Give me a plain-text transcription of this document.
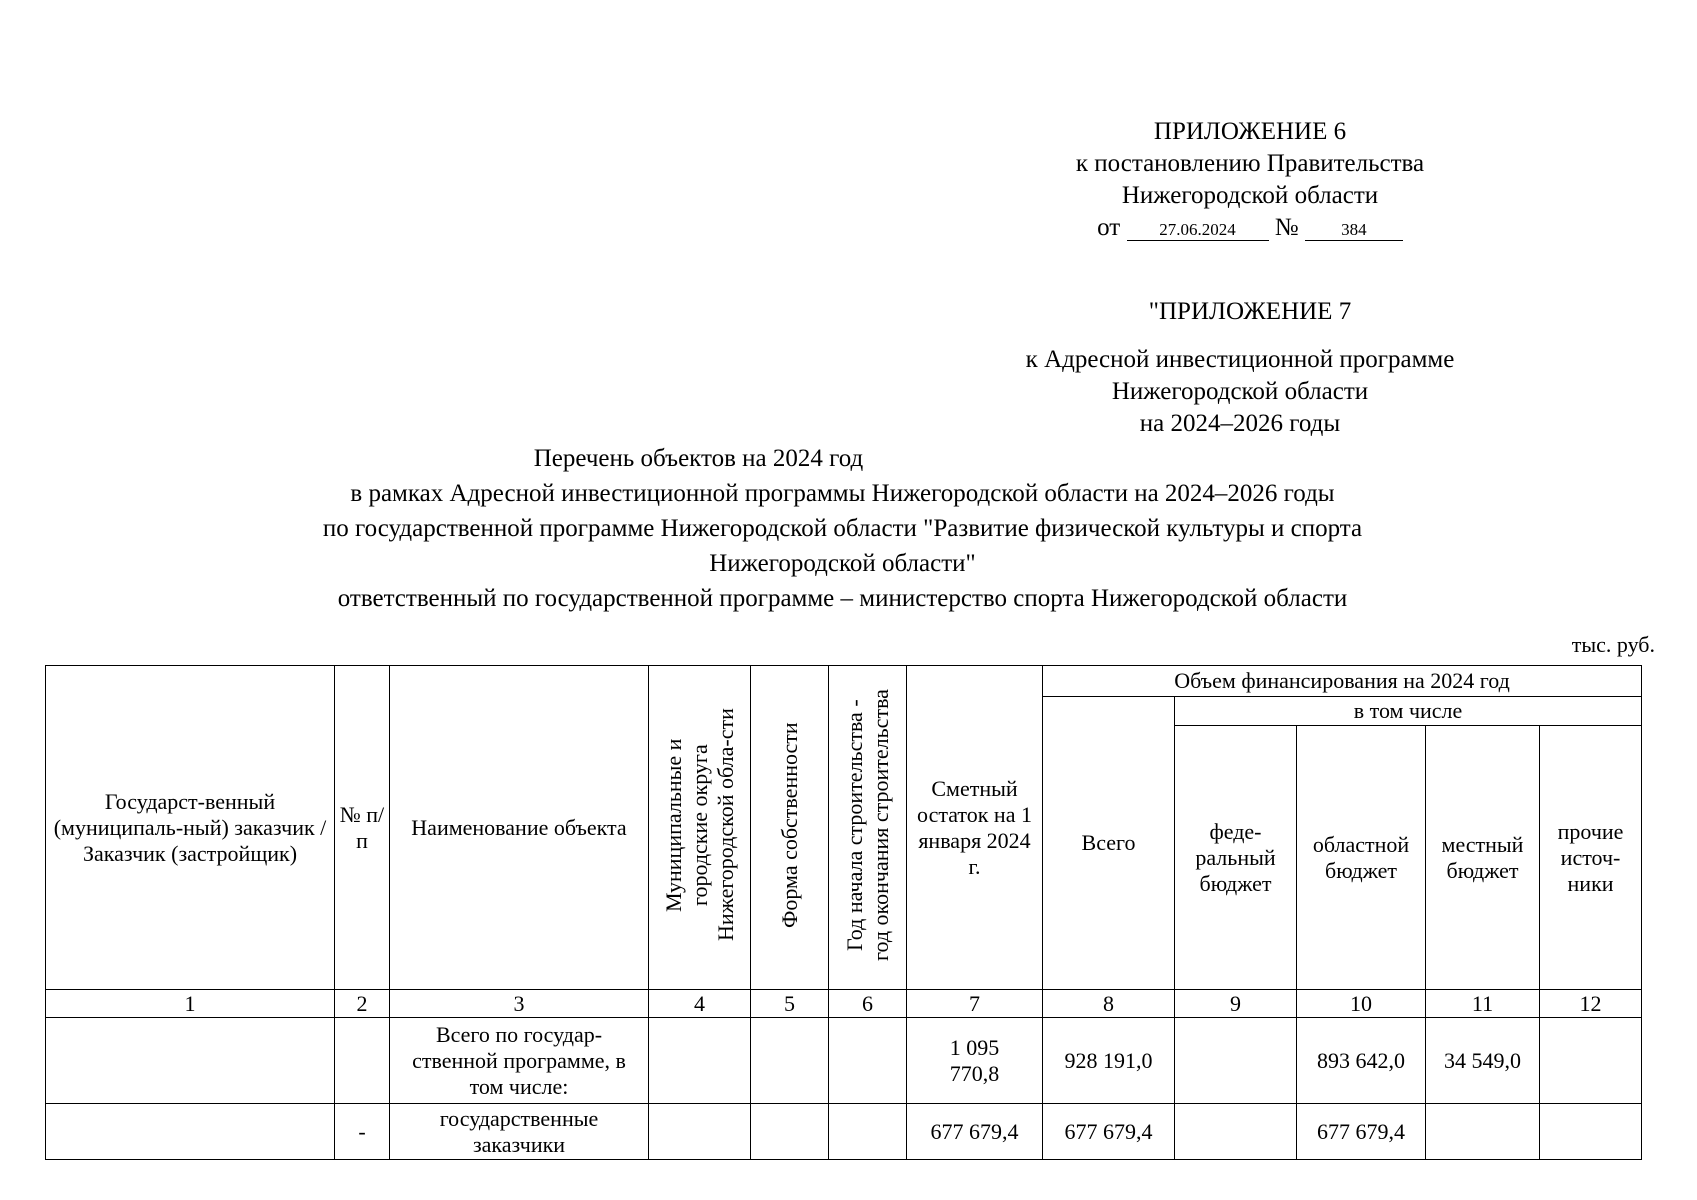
ПРИЛОЖЕНИЕ 6
к постановлению Правительства
Нижегородской области
от 27.06.2024 №	384
"ПРИЛОЖЕНИЕ 7
к Адресной инвестиционной программе
Нижегородской области
на 2024–2026 годы
Перечень объектов на 2024 год
в рамках Адресной инвестиционной программы Нижегородской области на 2024–2026 годы
по государственной программе Нижегородской области "Развитие физической культуры и спорта
Нижегородской области"
ответственный по государственной программе – министерство спорта Нижегородской области
тыс. руб.
Государст-венный (муниципаль-ный) заказчик / Заказчик (застройщик)	№ п/п	Наименование объекта	Муниципальные и городские округа Нижегородской обла-сти	Форма собственности	Год начала строительства - год окончания строительства	Сметный остаток на 1 января 2024 г.	Объем финансирования на 2024 год				
							Всего	в том числе			
								феде-ральный бюджет	областной бюджет	местный бюджет	прочие источ-ники
1	2	3	4	5	6	7	8	9	10	11	12
		Всего по государ-ственной программе, в том числе:				1 095 770,8	928 191,0		893 642,0	34 549,0	
	-	государственные заказчики				677 679,4	677 679,4		677 679,4		
